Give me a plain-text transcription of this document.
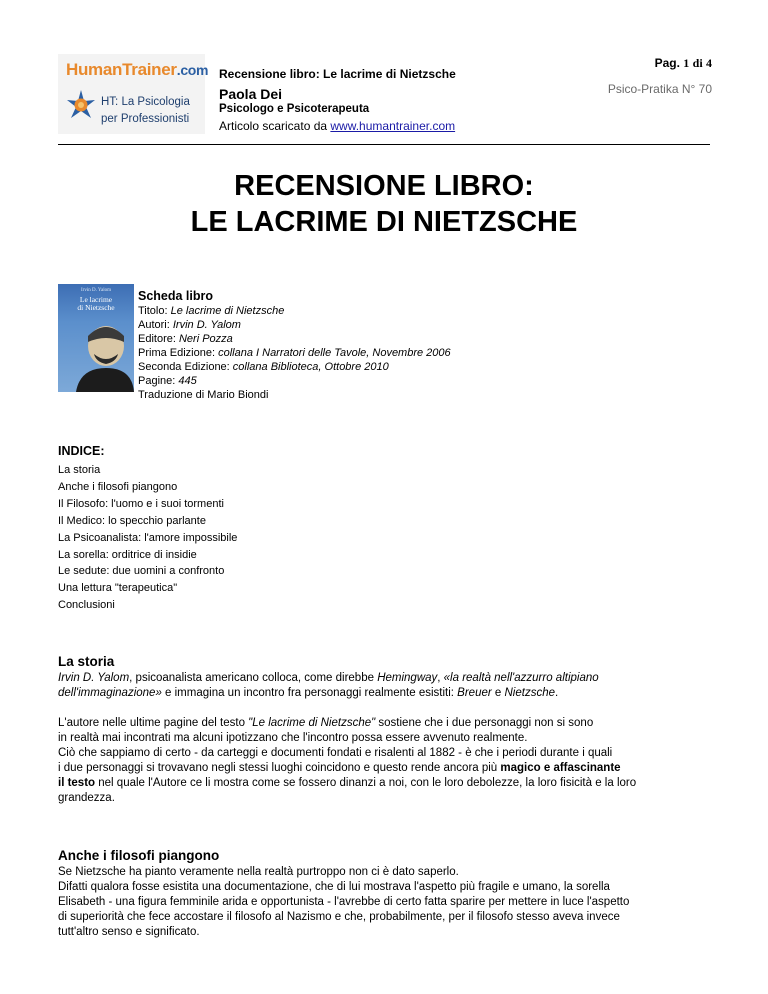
HumanTrainer.com
HT: La Psicologia
per Professionisti
Recensione libro: Le lacrime di Nietzsche
Paola Dei
Psicologo e Psicoterapeuta
Articolo scaricato da www.humantrainer.com
Pag. 1 di 4
Psico-Pratika N° 70
RECENSIONE LIBRO:
LE LACRIME DI NIETZSCHE
Irvin D. Yalom
Le lacrime
di Nietzsche
Scheda libro
Titolo: Le lacrime di Nietzsche
Autori: Irvin D. Yalom
Editore: Neri Pozza
Prima Edizione: collana I Narratori delle Tavole, Novembre 2006
Seconda Edizione: collana Biblioteca, Ottobre 2010
Pagine: 445
Traduzione di Mario Biondi
INDICE:
La storia
Anche i filosofi piangono
Il Filosofo: l'uomo e i suoi tormenti
Il Medico: lo specchio parlante
La Psicoanalista: l'amore impossibile
La sorella: orditrice di insidie
Le sedute: due uomini a confronto
Una lettura "terapeutica"
Conclusioni
La storia
Irvin D. Yalom, psicoanalista americano colloca, come direbbe Hemingway, «la realtà nell'azzurro altipiano
dell'immaginazione» e immagina un incontro fra personaggi realmente esistiti: Breuer e Nietzsche.
L'autore nelle ultime pagine del testo "Le lacrime di Nietzsche" sostiene che i due personaggi non si sono
in realtà mai incontrati ma alcuni ipotizzano che l'incontro possa essere avvenuto realmente.
Ciò che sappiamo di certo - da carteggi e documenti fondati e risalenti al 1882 - è che i periodi durante i quali
i due personaggi si trovavano negli stessi luoghi coincidono e questo rende ancora più magico e affascinante
il testo nel quale l'Autore ce li mostra come se fossero dinanzi a noi, con le loro debolezze, la loro fisicità e la loro
grandezza.
Anche i filosofi piangono
Se Nietzsche ha pianto veramente nella realtà purtroppo non ci è dato saperlo.
Difatti qualora fosse esistita una documentazione, che di lui mostrava l'aspetto più fragile e umano, la sorella
Elisabeth - una figura femminile arida e opportunista - l'avrebbe di certo fatta sparire per mettere in luce l'aspetto
di superiorità che fece accostare il filosofo al Nazismo e che, probabilmente, per il filosofo stesso aveva invece
tutt'altro senso e significato.
